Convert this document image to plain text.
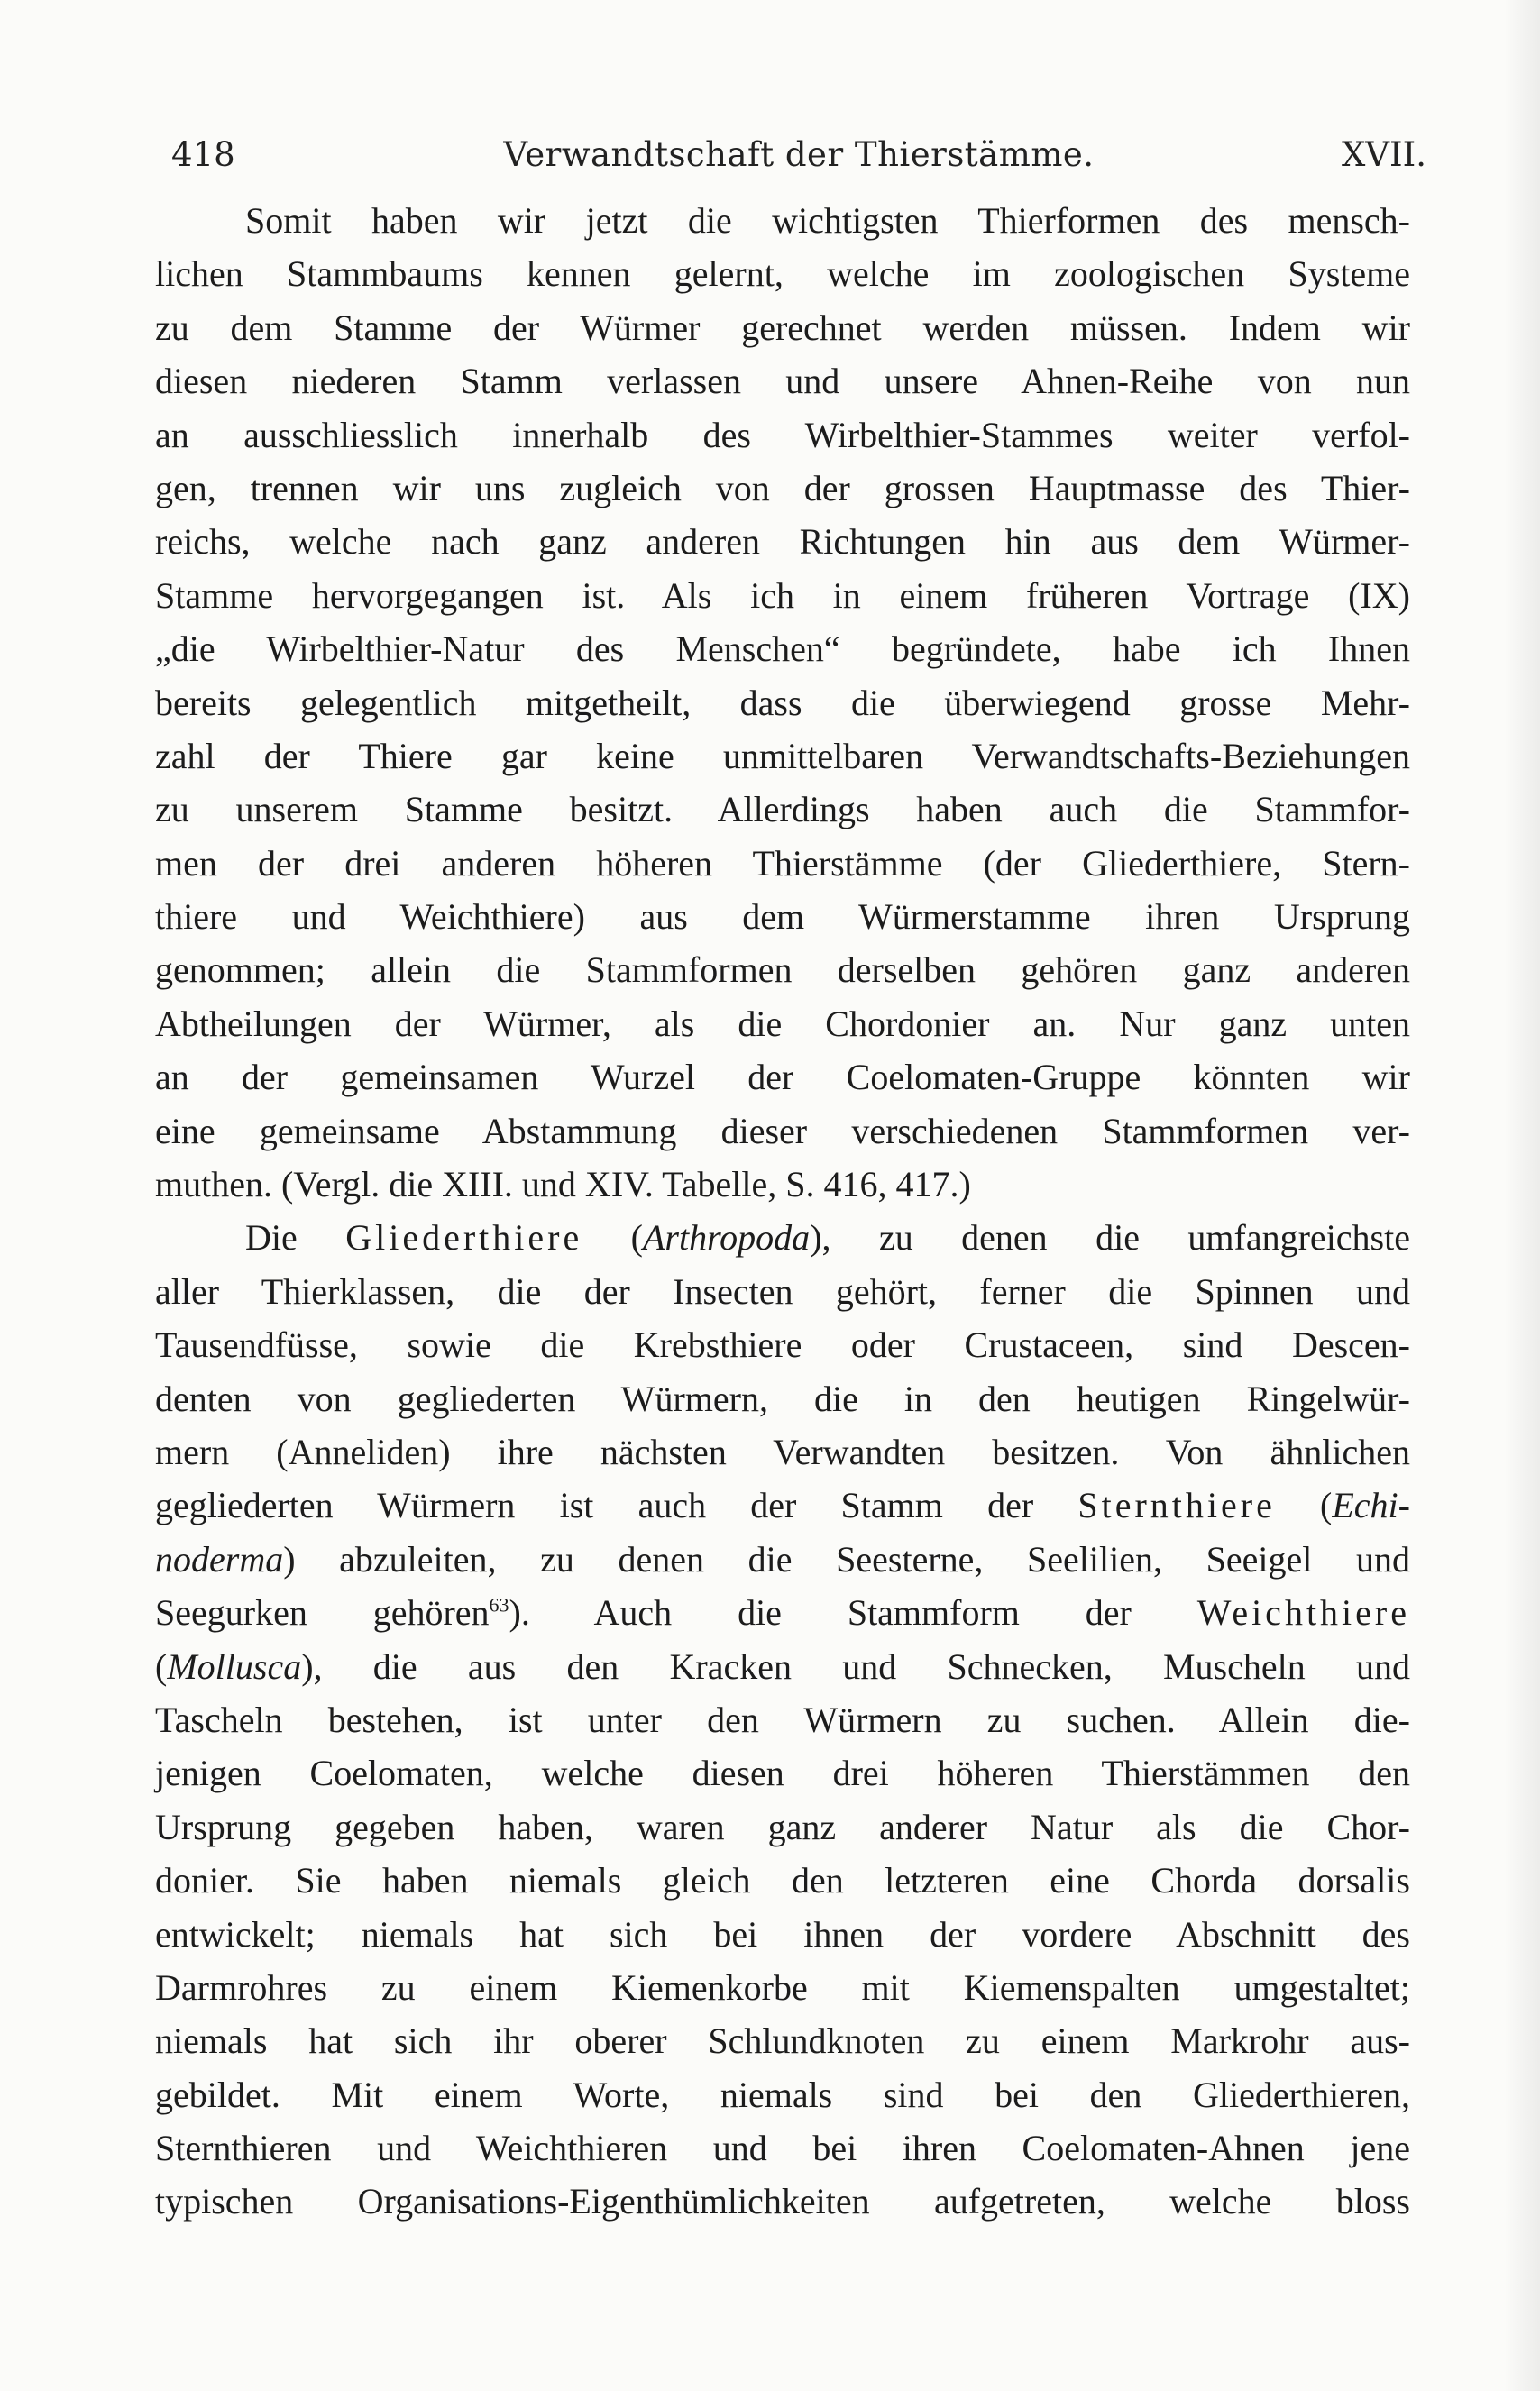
418	Verwandtschaft der Thierstämme.	XVII.
Somit haben wir jetzt die wichtigsten Thierformen des mensch-
lichen Stammbaums kennen gelernt, welche im zoologischen Systeme
zu dem Stamme der Würmer gerechnet werden müssen. Indem wir
diesen niederen Stamm verlassen und unsere Ahnen-Reihe von nun
an ausschliesslich innerhalb des Wirbelthier-Stammes weiter verfol-
gen, trennen wir uns zugleich von der grossen Hauptmasse des Thier-
reichs, welche nach ganz anderen Richtungen hin aus dem Würmer-
Stamme hervorgegangen ist. Als ich in einem früheren Vortrage (IX)
„die Wirbelthier-Natur des Menschen“ begründete, habe ich Ihnen
bereits gelegentlich mitgetheilt, dass die überwiegend grosse Mehr-
zahl der Thiere gar keine unmittelbaren Verwandtschafts-Beziehungen
zu unserem Stamme besitzt. Allerdings haben auch die Stammfor-
men der drei anderen höheren Thierstämme (der Gliederthiere, Stern-
thiere und Weichthiere) aus dem Würmerstamme ihren Ursprung
genommen; allein die Stammformen derselben gehören ganz anderen
Abtheilungen der Würmer, als die Chordonier an. Nur ganz unten
an der gemeinsamen Wurzel der Coelomaten-Gruppe könnten wir
eine gemeinsame Abstammung dieser verschiedenen Stammformen ver-
muthen. (Vergl. die XIII. und XIV. Tabelle, S. 416, 417.)
Die Gliederthiere (Arthropoda), zu denen die umfangreichste
aller Thierklassen, die der Insecten gehört, ferner die Spinnen und
Tausendfüsse, sowie die Krebsthiere oder Crustaceen, sind Descen-
denten von gegliederten Würmern, die in den heutigen Ringelwür-
mern (Anneliden) ihre nächsten Verwandten besitzen. Von ähnlichen
gegliederten Würmern ist auch der Stamm der Sternthiere (Echi-
noderma) abzuleiten, zu denen die Seesterne, Seelilien, Seeigel und
Seegurken gehören$^{63}$). Auch die Stammform der Weichthiere
(Mollusca), die aus den Kracken und Schnecken, Muscheln und
Tascheln bestehen, ist unter den Würmern zu suchen. Allein die-
jenigen Coelomaten, welche diesen drei höheren Thierstämmen den
Ursprung gegeben haben, waren ganz anderer Natur als die Chor-
donier. Sie haben niemals gleich den letzteren eine Chorda dorsalis
entwickelt; niemals hat sich bei ihnen der vordere Abschnitt des
Darmrohres zu einem Kiemenkorbe mit Kiemenspalten umgestaltet;
niemals hat sich ihr oberer Schlundknoten zu einem Markrohr aus-
gebildet. Mit einem Worte, niemals sind bei den Gliederthieren,
Sternthieren und Weichthieren und bei ihren Coelomaten-Ahnen jene
typischen Organisations-Eigenthümlichkeiten aufgetreten, welche bloss
